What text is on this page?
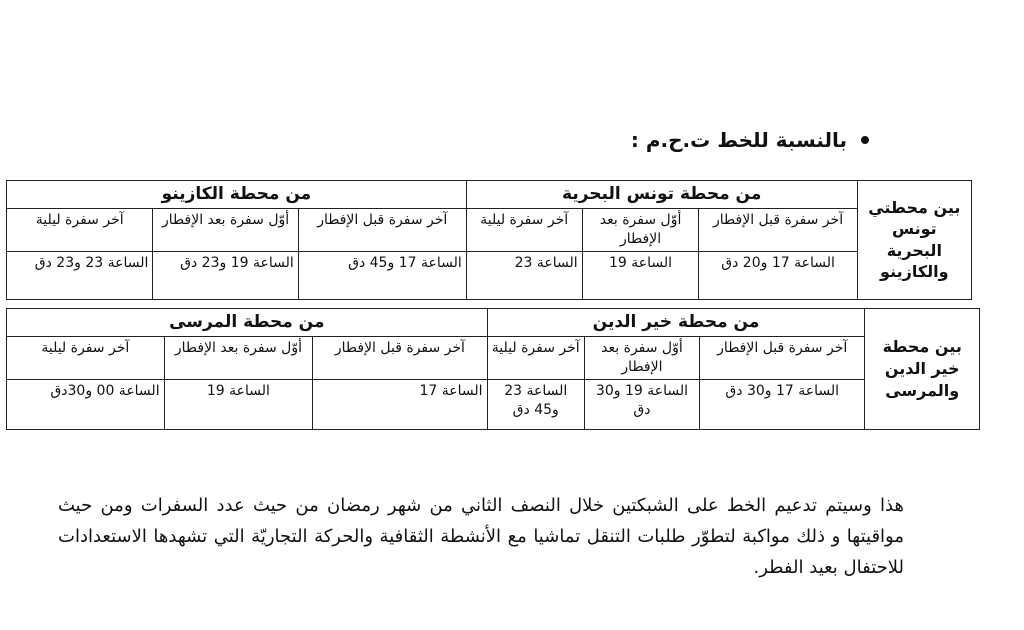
بالنسبة للخط ت.ح.م :
بين محطتي تونس البحرية والكازينو	من محطة تونس البحرية			من محطة الكازينو		
	آخر سفرة قبل الإفطار	أوّل سفرة بعد الإفطار	آخر سفرة ليلية	آخر سفرة قبل الإفطار	أوّل سفرة بعد الإفطار	آخر سفرة ليلية
	الساعة 17 و20 دق	الساعة 19	الساعة 23	الساعة 17 و45 دق	الساعة 19 و23 دق	الساعة 23 و23 دق
بين محطة خير الدين والمرسى	من محطة خير الدين			من محطة المرسى		
	آخر سفرة قبل الإفطار	أوّل سفرة بعد الإفطار	آخر سفرة ليلية	آخر سفرة قبل الإفطار	أوّل سفرة بعد الإفطار	آخر سفرة ليلية
	الساعة 17 و30 دق	الساعة 19 و30 دق	الساعة 23 و45 دق	الساعة 17	الساعة 19	الساعة 00 و30دق
هذا وسيتم تدعيم الخط على الشبكتين خلال النصف الثاني من شهر رمضان من حيث عدد السفرات ومن حيث مواقيتها و ذلك مواكبة لتطوّر طلبات التنقل تماشيا مع الأنشطة الثقافية والحركة التجاريّة التي تشهدها الاستعدادات للاحتفال بعيد الفطر.
